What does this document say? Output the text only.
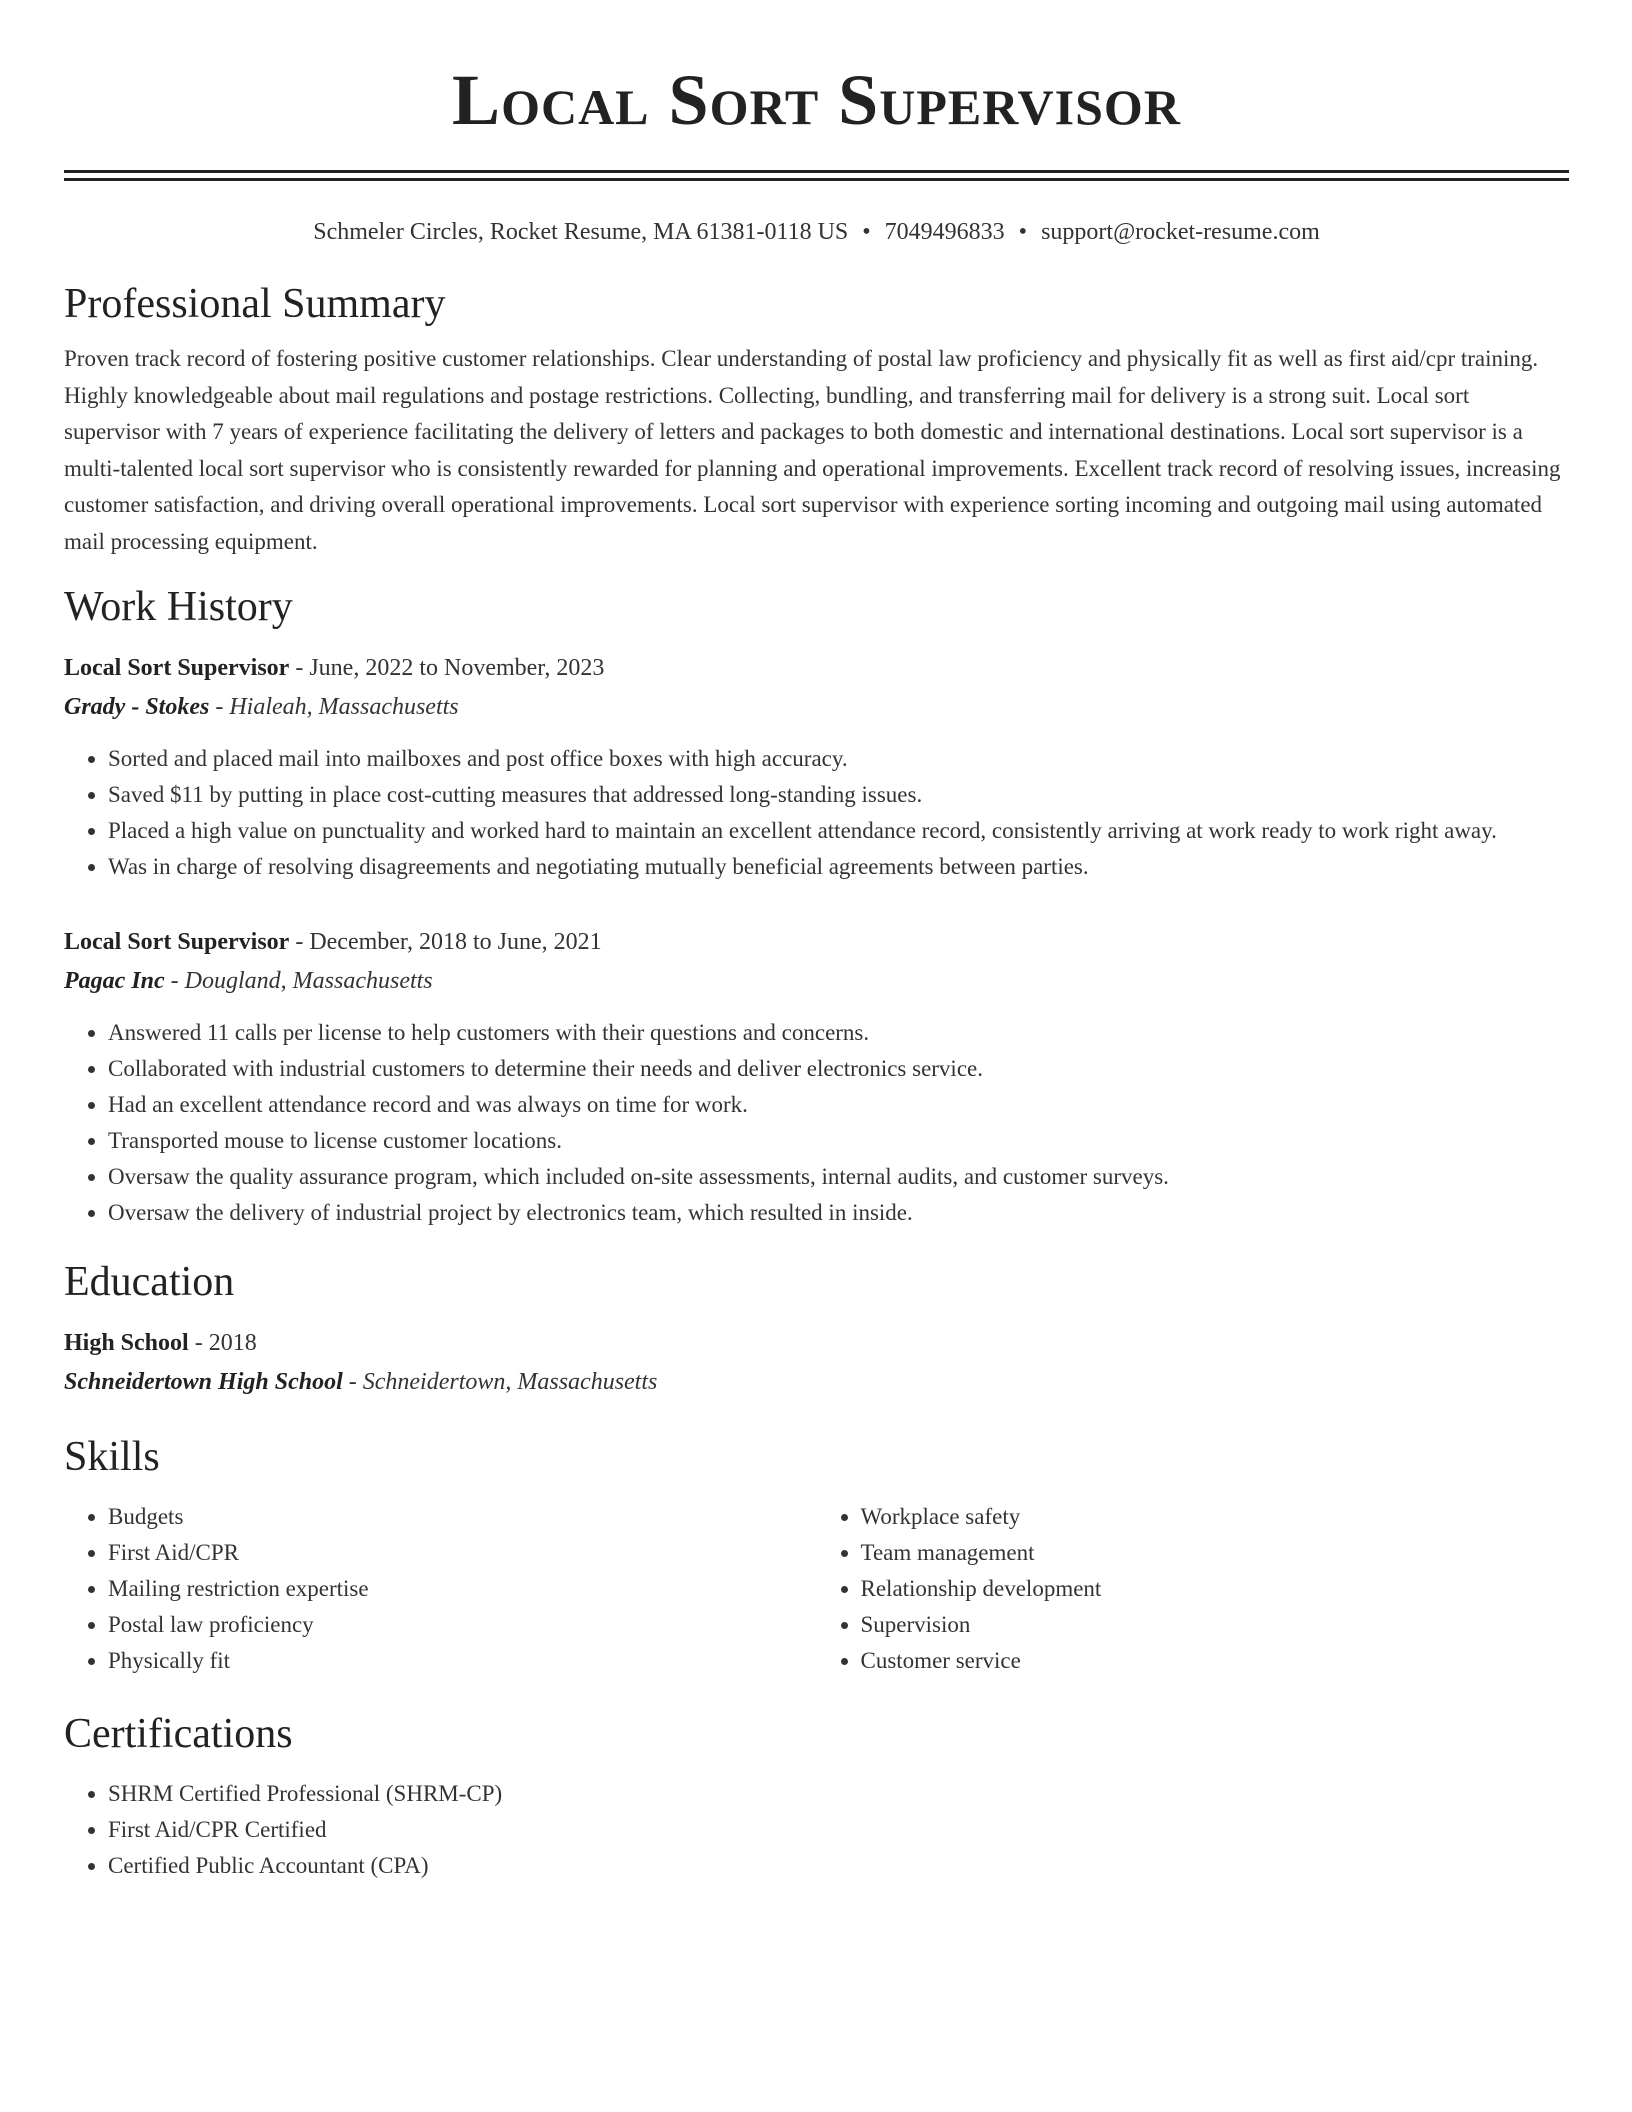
Local Sort Supervisor
Schmeler Circles, Rocket Resume, MA 61381-0118 US • 7049496833 • support@rocket-resume.com
Professional Summary

Proven track record of fostering positive customer relationships. Clear understanding of postal law proficiency and physically fit as well as first aid/cpr training. Highly knowledgeable about mail regulations and postage restrictions. Collecting, bundling, and transferring mail for delivery is a strong suit. Local sort supervisor with 7 years of experience facilitating the delivery of letters and packages to both domestic and international destinations. Local sort supervisor is a multi-talented local sort supervisor who is consistently rewarded for planning and operational improvements. Excellent track record of resolving issues, increasing customer satisfaction, and driving overall operational improvements. Local sort supervisor with experience sorting incoming and outgoing mail using automated mail processing equipment.

Work History

Local Sort Supervisor - June, 2022 to November, 2023

Grady - Stokes - Hialeah, Massachusetts

• Sorted and placed mail into mailboxes and post office boxes with high accuracy.
• Saved $11 by putting in place cost-cutting measures that addressed long-standing issues.
• Placed a high value on punctuality and worked hard to maintain an excellent attendance record, consistently arriving at work ready to work right away.
• Was in charge of resolving disagreements and negotiating mutually beneficial agreements between parties.

Local Sort Supervisor - December, 2018 to June, 2021

Pagac Inc - Dougland, Massachusetts

• Answered 11 calls per license to help customers with their questions and concerns.
• Collaborated with industrial customers to determine their needs and deliver electronics service.
• Had an excellent attendance record and was always on time for work.
• Transported mouse to license customer locations.
• Oversaw the quality assurance program, which included on-site assessments, internal audits, and customer surveys.
• Oversaw the delivery of industrial project by electronics team, which resulted in inside.
Education

High School - 2018

Schneidertown High School - Schneidertown, Massachusetts

Skills
• Budgets
• First Aid/CPR
• Mailing restriction expertise
• Postal law proficiency
• Physically fit
• Workplace safety
• Team management
• Relationship development
• Supervision
• Customer service
Certifications
• SHRM Certified Professional (SHRM-CP)
• First Aid/CPR Certified
• Certified Public Accountant (CPA)
